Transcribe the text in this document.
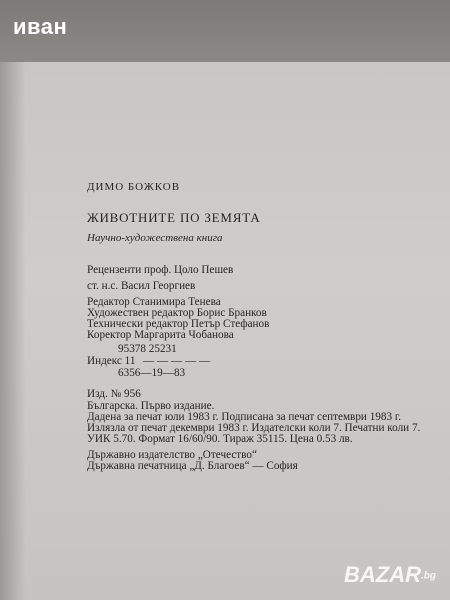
иван
ДИМО БОЖКОВ
ЖИВОТНИТЕ ПО ЗЕМЯТА
Научно-художествена книга
Рецензенти проф. Цоло Пешев
ст. н.с. Васил Георгиев
Редактор Станимира Тенева
Художествен редактор Борис Бранков
Технически редактор Петър Стефанов
Коректор Маргарита Чобанова
95378 25231
Индекс 11 — — — — —
6356—19—83
Изд. № 956
Българска. Първо издание.
Дадена за печат юли 1983 г. Подписана за печат септември 1983 г.
Излязла от печат декември 1983 г. Издателски коли 7. Печатни коли 7.
УИК 5.70. Формат 16/60/90. Тираж 35115. Цена 0.53 лв.
Държавно издателство „Отечество“
Държавна печатница „Д. Благоев“ — София
BAZAR.bg
